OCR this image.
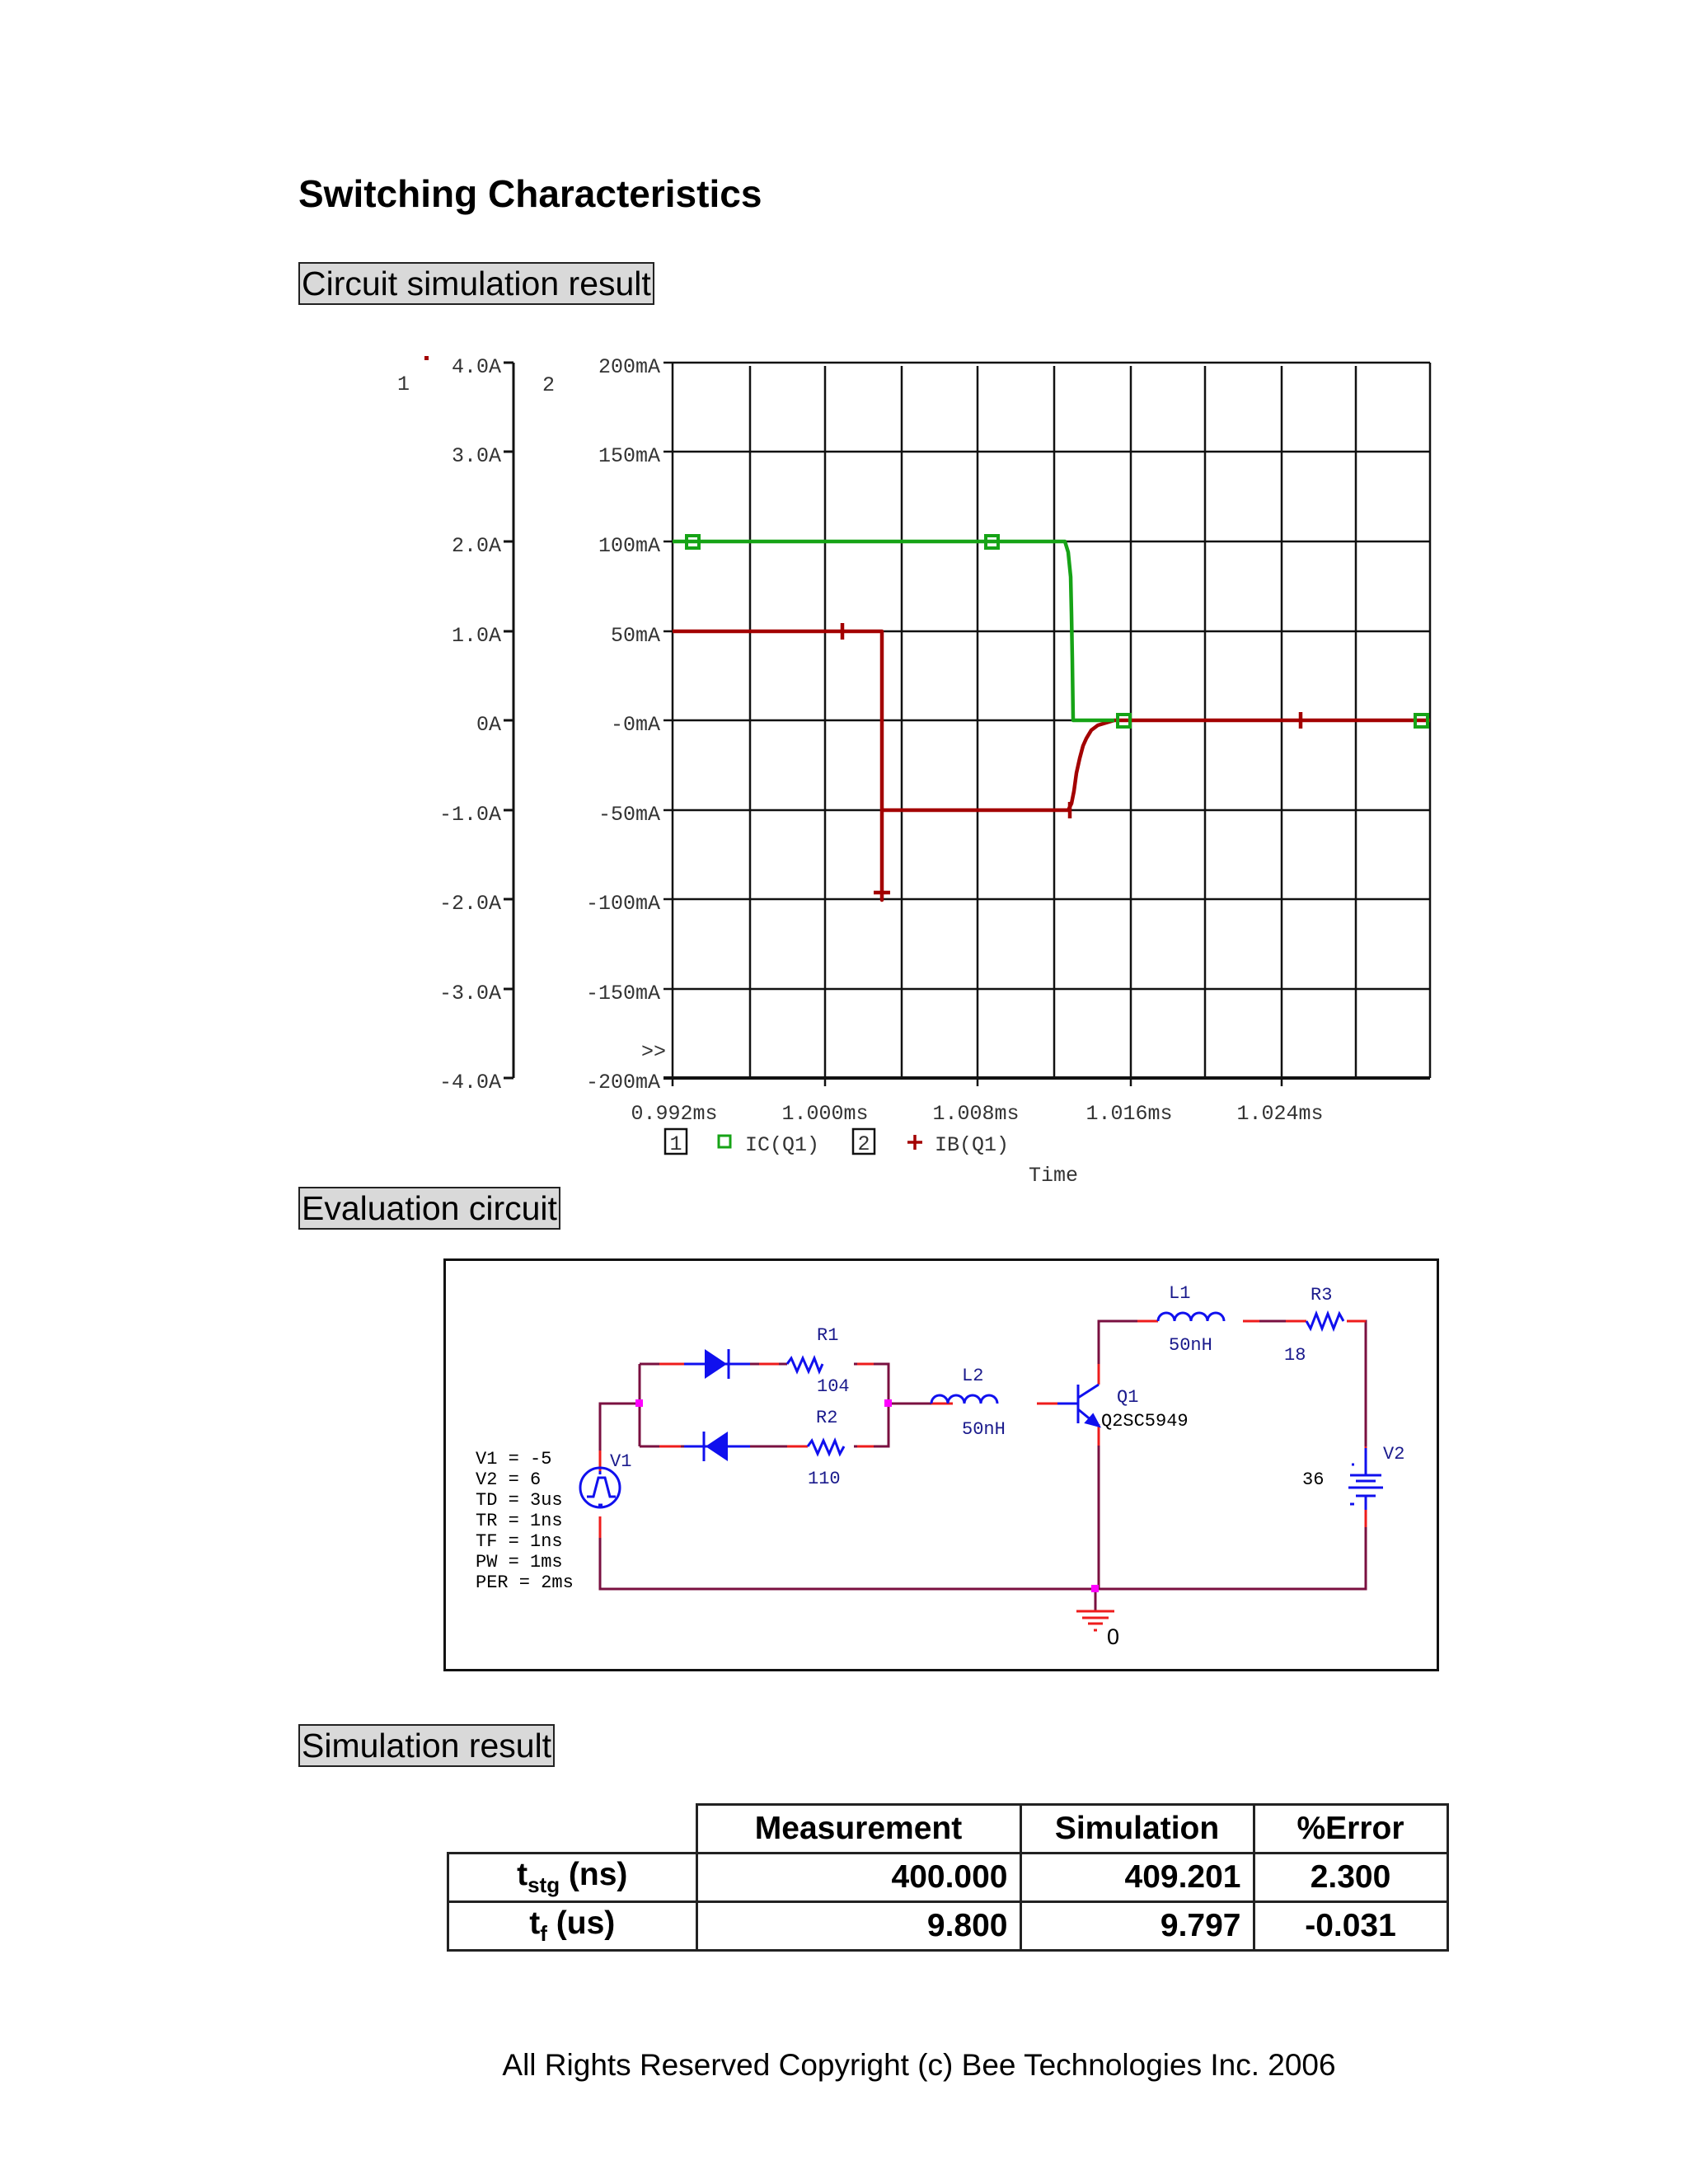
Switching Characteristics
Circuit simulation result
1	2
4.0A
3.0A
2.0A
1.0A
0A
-1.0A
-2.0A
-3.0A
-4.0A
200mA
150mA
100mA
50mA
-0mA
-50mA
-100mA
-150mA
-200mA
>>
0.992ms	1.000ms	1.008ms	1.016ms	1.024ms
1	IC(Q1) 2	IB(Q1)
Time
Evaluation circuit
0
V1
R1
104
R2
110
L2
50nH
Q1
Q2SC5949
L1
50nH
R3
18
V2
36
V1 = -5
V2 = 6
TD = 3us
TR = 1ns
TF = 1ns
PW = 1ms
PER = 2ms
Simulation result
	Measurement	Simulation	%Error
$t_{stg}$ (ns)	400.000	409.201	2.300
$t_f$ (us)	9.800	9.797	-0.031
All Rights Reserved Copyright (c) Bee Technologies Inc. 2006
